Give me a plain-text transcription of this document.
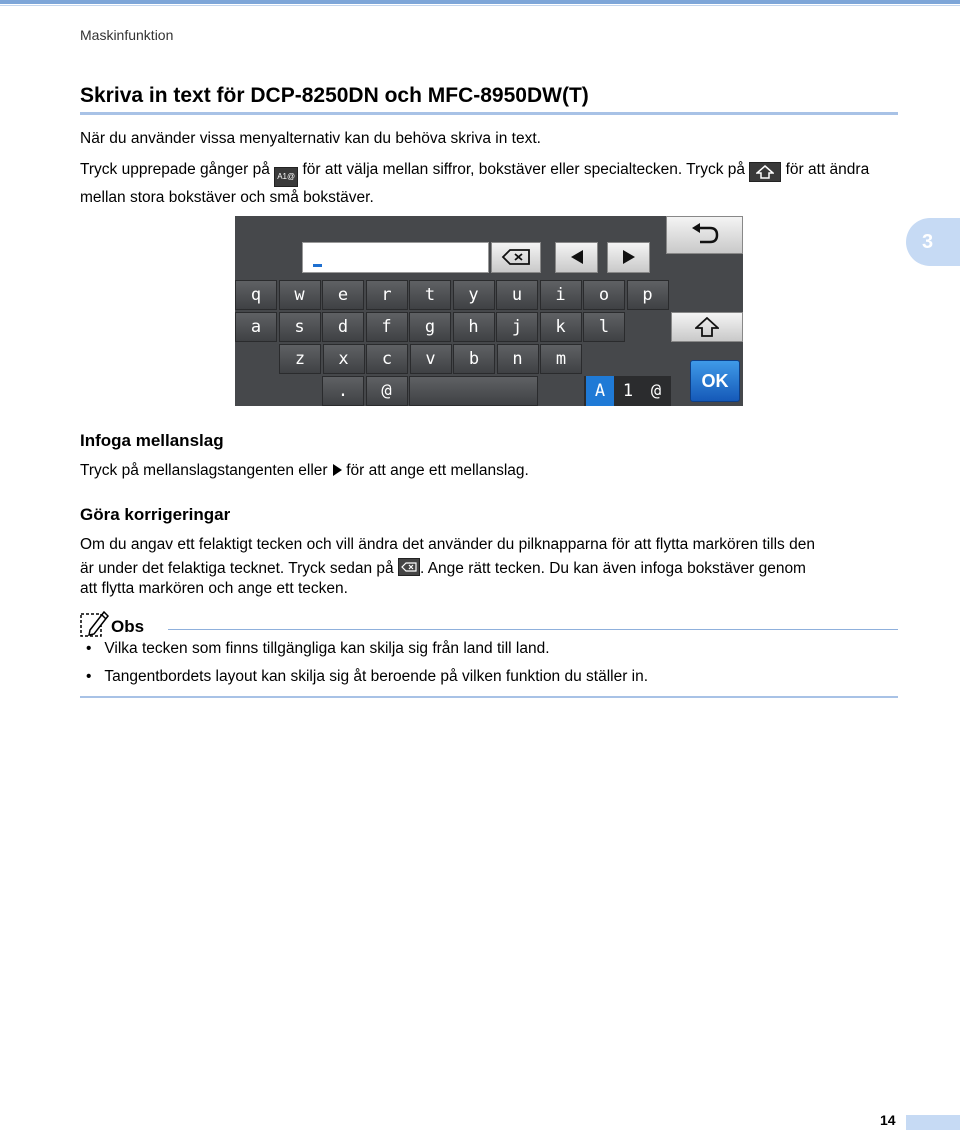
Maskinfunktion
Skriva in text för DCP-8250DN och MFC-8950DW(T)
När du använder vissa menyalternativ kan du behöva skriva in text.
Tryck upprepade gånger på A1@ för att välja mellan siffror, bokstäver eller specialtecken. Tryck på	för att ändra mellan stora bokstäver och små bokstäver.
3
q	w	e	r	t	y	u	i	o	p
a	s	d	f	g	h	j	k	l
z	x	c	v	b	n	m
.	@	A	1	@	OK
Infoga mellanslag
Tryck på mellanslagstangenten eller för att ange ett mellanslag.
Göra korrigeringar
Om du angav ett felaktigt tecken och vill ändra det använder du pilknapparna för att flytta markören tills den
är under det felaktiga tecknet. Tryck sedan på . Ange rätt tecken. Du kan även infoga bokstäver genom
att flytta markören och ange ett tecken.
Obs
•   Vilka tecken som finns tillgängliga kan skilja sig från land till land.
•   Tangentbordets layout kan skilja sig åt beroende på vilken funktion du ställer in.
14
